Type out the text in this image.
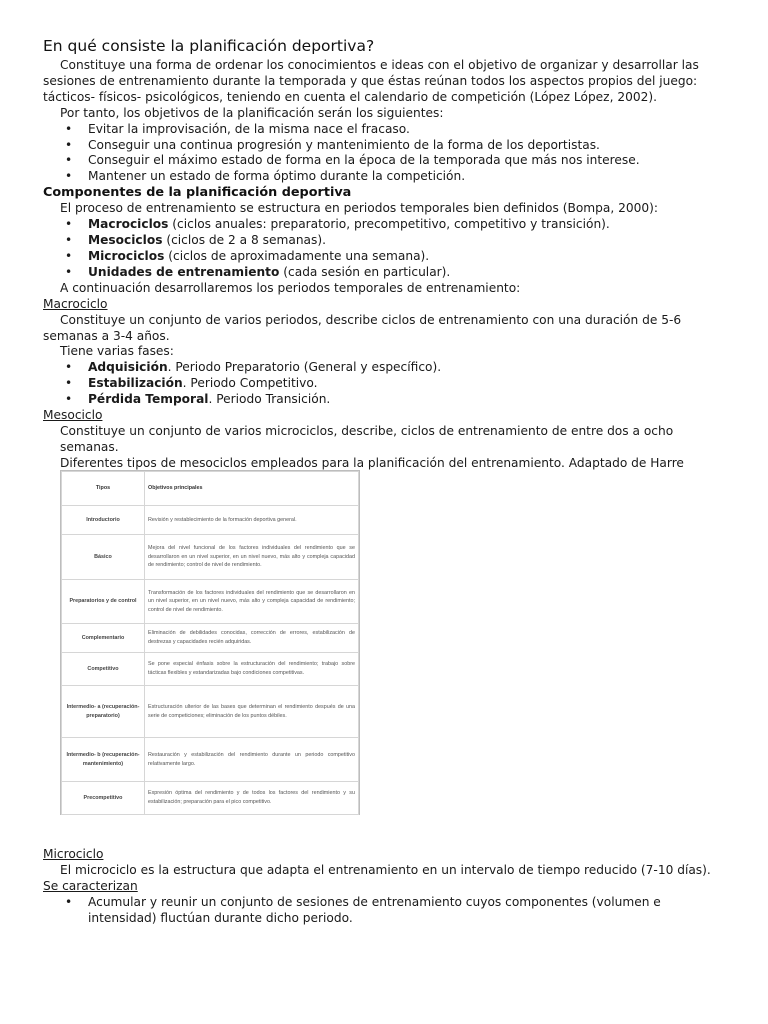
En qué consiste la planificación deportiva?

Constituye una forma de ordenar los conocimientos e ideas con el objetivo de organizar y desarrollar las sesiones de entrenamiento durante la temporada y que éstas reúnan todos los aspectos propios del juego: tácticos- físicos- psicológicos, teniendo en cuenta el calendario de competición (López López, 2002).

Por tanto, los objetivos de la planificación serán los siguientes:

• Evitar la improvisación, de la misma nace el fracaso.
• Conseguir una continua progresión y mantenimiento de la forma de los deportistas.
• Conseguir el máximo estado de forma en la época de la temporada que más nos interese.
• Mantener un estado de forma óptimo durante la competición.
Componentes de la planificación deportiva

El proceso de entrenamiento se estructura en periodos temporales bien definidos (Bompa, 2000):

• Macrociclos (ciclos anuales: preparatorio, precompetitivo, competitivo y transición).
• Mesociclos (ciclos de 2 a 8 semanas).
• Microciclos (ciclos de aproximadamente una semana).
• Unidades de entrenamiento (cada sesión en particular).

A continuación desarrollaremos los periodos temporales de entrenamiento:

Macrociclo

Constituye un conjunto de varios periodos, describe ciclos de entrenamiento con una duración de 5-6 semanas a 3-4 años.

Tiene varias fases:

• Adquisición. Periodo Preparatorio (General y específico).
• Estabilización. Periodo Competitivo.
• Pérdida Temporal. Periodo Transición.

Mesociclo

Constituye un conjunto de varios microciclos, describe, ciclos de entrenamiento de entre dos a ocho semanas.

Diferentes tipos de mesociclos empleados para la planificación del entrenamiento. Adaptado de Harre

Tipos	Objetivos principales
Introductorio	Revisión y restablecimiento de la formación deportiva general.
Básico	Mejora del nivel funcional de los factores individuales del rendimiento que se desarrollaron en un nivel superior, en un nivel nuevo, más alto y compleja capacidad de rendimiento; control de nivel de rendimiento.
Preparatorios y de control	Transformación de los factores individuales del rendimiento que se desarrollaron en un nivel superior, en un nivel nuevo, más alto y compleja capacidad de rendimiento; control de nivel de rendimiento.
Complementario	Eliminación de debilidades conocidas, corrección de errores, estabilización de destrezas y capacidades recién adquiridas.
Competitivo	Se pone especial énfasis sobre la estructuración del rendimiento; trabajo sobre tácticas flexibles y estandarizadas bajo condiciones competitivas.
Intermedio- a (recuperación-preparatorio)	Estructuración ulterior de las bases que determinan el rendimiento después de una serie de competiciones; eliminación de los puntos débiles.
Intermedio- b (recuperación-mantenimiento)	Restauración y estabilización del rendimiento durante un periodo competitivo relativamente largo.
Precompetitivo	Expresión óptima del rendimiento y de todos los factores del rendimiento y su estabilización; preparación para el pico competitivo.

Microciclo

El microciclo es la estructura que adapta el entrenamiento en un intervalo de tiempo reducido (7-10 días).

Se caracterizan

• Acumular y reunir un conjunto de sesiones de entrenamiento cuyos componentes (volumen e intensidad) fluctúan durante dicho periodo.
